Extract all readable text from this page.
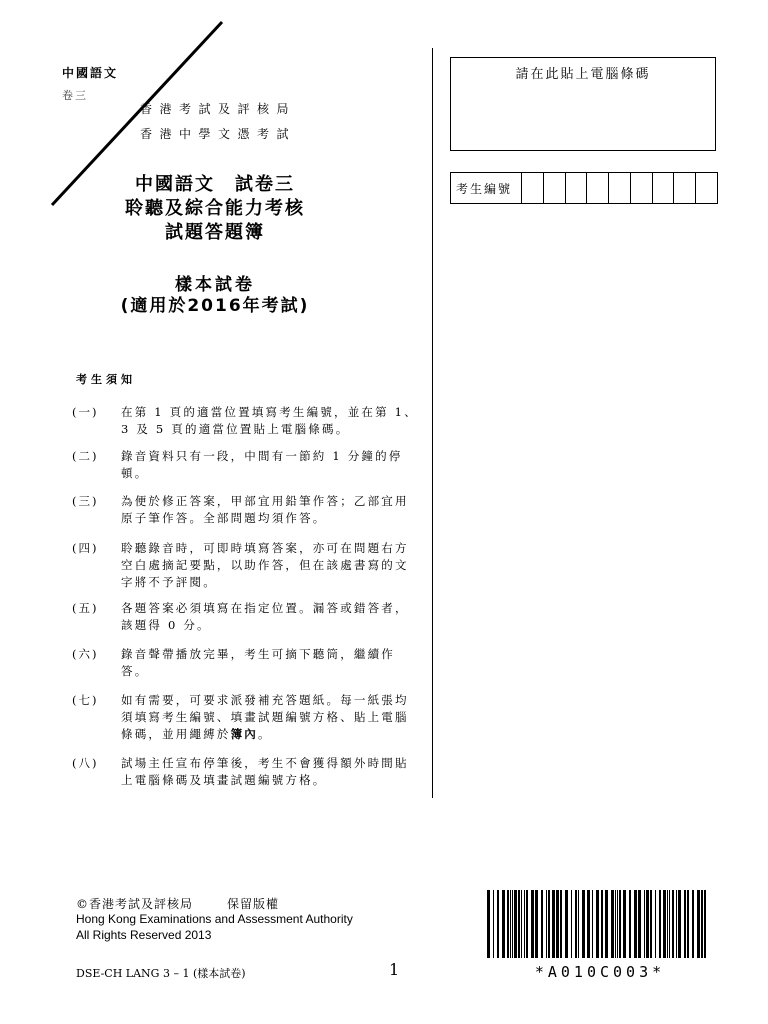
中國語文
卷三
香港考試及評核局
香港中學文憑考試
中國語文　試卷三
聆聽及綜合能力考核
試題答題簿
樣本試卷
(適用於2016年考試)
考生須知
(一)	在第 1 頁的適當位置填寫考生編號，並在第 1、3 及 5 頁的適當位置貼上電腦條碼。
(二)	錄音資料只有一段，中間有一節約 1 分鐘的停頓。
(三)	為便於修正答案，甲部宜用鉛筆作答；乙部宜用原子筆作答。全部問題均須作答。
(四)	聆聽錄音時，可即時填寫答案，亦可在問題右方空白處摘記要點，以助作答，但在該處書寫的文字將不予評閱。
(五)	各題答案必須填寫在指定位置。漏答或錯答者，該題得 0 分。
(六)	錄音聲帶播放完畢，考生可摘下聽筒，繼續作答。
(七)	如有需要，可要求派發補充答題紙。每一紙張均須填寫考生編號、填畫試題編號方格、貼上電腦條碼，並用繩縛於簿內。
(八)	試場主任宣布停筆後，考生不會獲得額外時間貼上電腦條碼及填畫試題編號方格。
請在此貼上電腦條碼
考生編號
©香港考試及評核局	保留版權
Hong Kong Examinations and Assessment Authority
All Rights Reserved 2013
DSE-CH LANG 3 – 1 (樣本試卷)	1	*A010C003*
